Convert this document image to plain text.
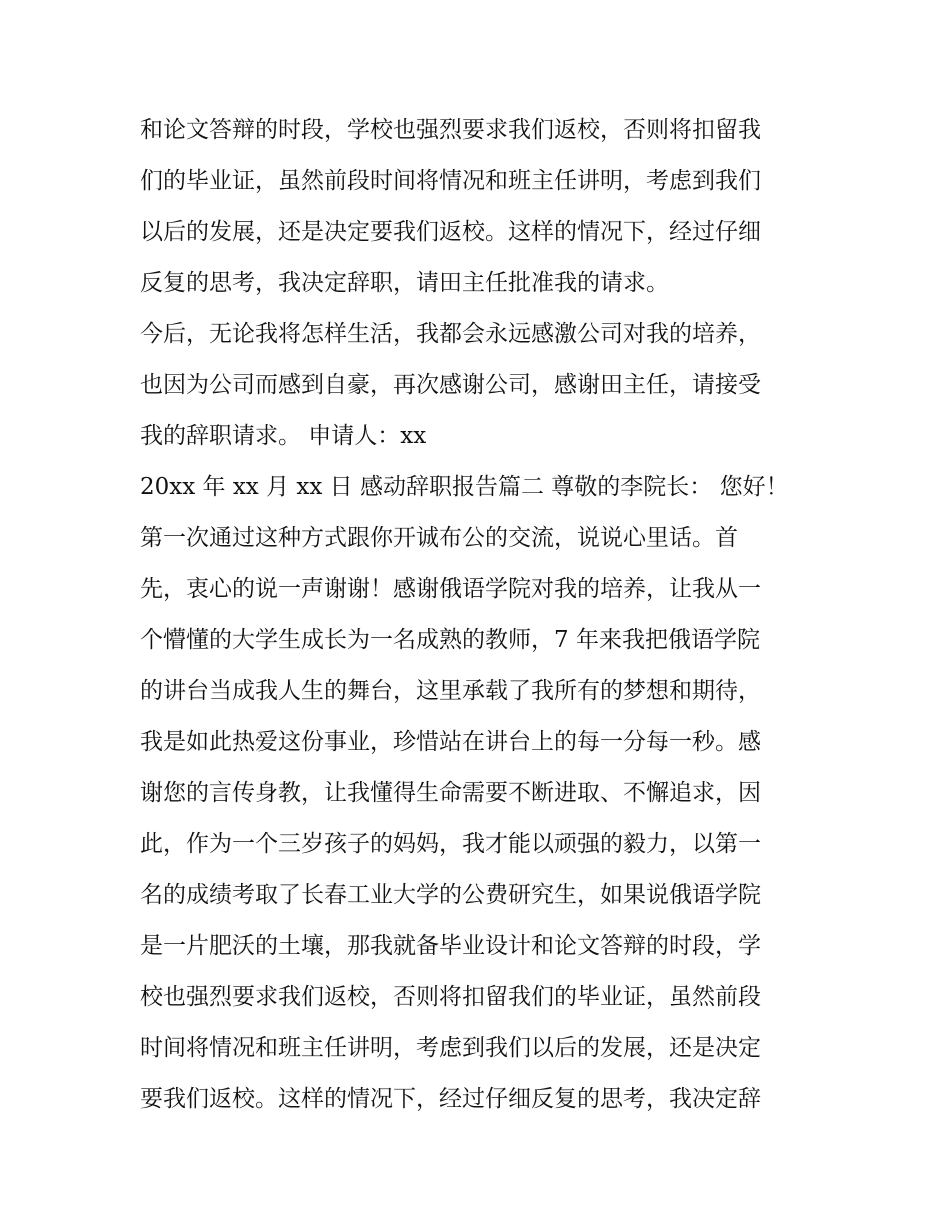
和论文答辩的时段，学校也强烈要求我们返校，否则将扣留我
们的毕业证，虽然前段时间将情况和班主任讲明，考虑到我们
以后的发展，还是决定要我们返校。这样的情况下，经过仔细
反复的思考，我决定辞职，请田主任批准我的请求。
今后，无论我将怎样生活，我都会永远感激公司对我的培养，
也因为公司而感到自豪，再次感谢公司，感谢田主任，请接受
我的辞职请求。 申请人：xx
20xx 年 xx 月 xx 日 感动辞职报告篇二 尊敬的李院长： 您好！
第一次通过这种方式跟你开诚布公的交流，说说心里话。首
先，衷心的说一声谢谢！感谢俄语学院对我的培养，让我从一
个懵懂的大学生成长为一名成熟的教师，7 年来我把俄语学院
的讲台当成我人生的舞台，这里承载了我所有的梦想和期待，
我是如此热爱这份事业，珍惜站在讲台上的每一分每一秒。感
谢您的言传身教，让我懂得生命需要不断进取、不懈追求，因
此，作为一个三岁孩子的妈妈，我才能以顽强的毅力，以第一
名的成绩考取了长春工业大学的公费研究生，如果说俄语学院
是一片肥沃的土壤，那我就备毕业设计和论文答辩的时段，学
校也强烈要求我们返校，否则将扣留我们的毕业证，虽然前段
时间将情况和班主任讲明，考虑到我们以后的发展，还是决定
要我们返校。这样的情况下，经过仔细反复的思考，我决定辞
